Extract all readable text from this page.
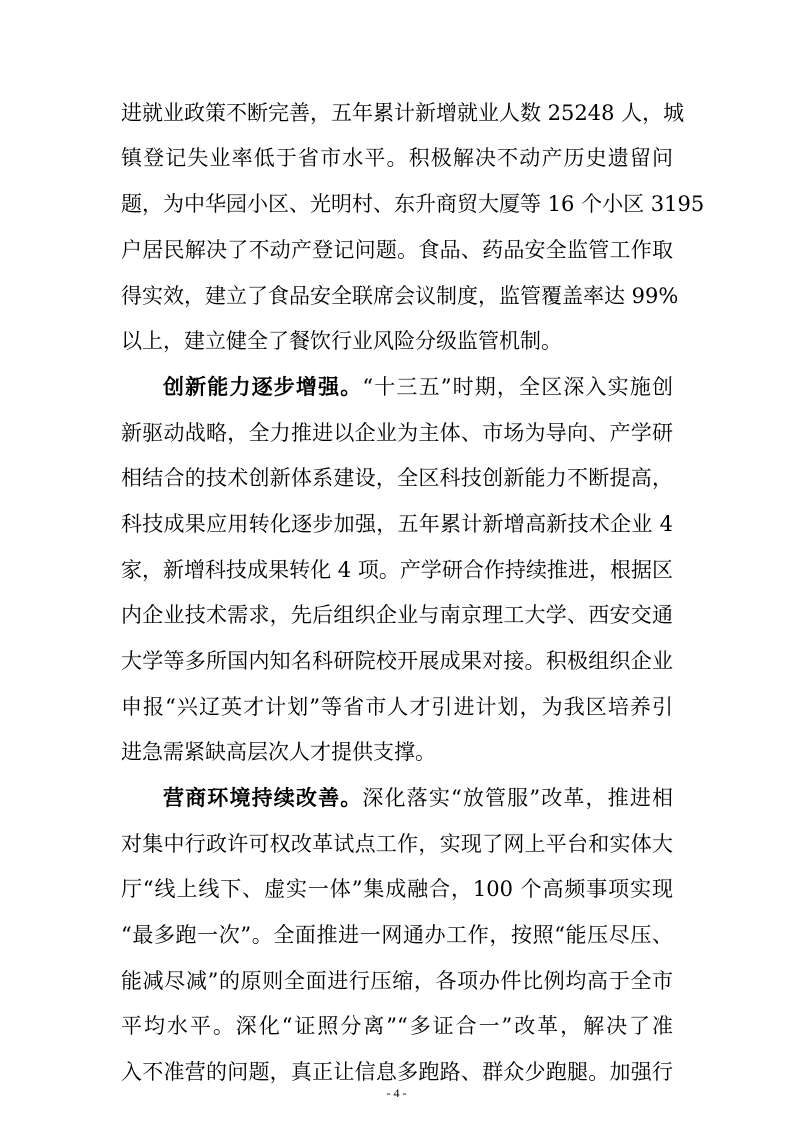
进就业政策不断完善，五年累计新增就业人数 25248 人，城
镇登记失业率低于省市水平。积极解决不动产历史遗留问
题，为中华园小区、光明村、东升商贸大厦等 16 个小区 3195
户居民解决了不动产登记问题。食品、药品安全监管工作取
得实效，建立了食品安全联席会议制度，监管覆盖率达 99%
以上，建立健全了餐饮行业风险分级监管机制。
创新能力逐步增强。“十三五”时期，全区深入实施创
新驱动战略，全力推进以企业为主体、市场为导向、产学研
相结合的技术创新体系建设，全区科技创新能力不断提高，
科技成果应用转化逐步加强，五年累计新增高新技术企业 4
家，新增科技成果转化 4 项。产学研合作持续推进，根据区
内企业技术需求，先后组织企业与南京理工大学、西安交通
大学等多所国内知名科研院校开展成果对接。积极组织企业
申报“兴辽英才计划”等省市人才引进计划，为我区培养引
进急需紧缺高层次人才提供支撑。
营商环境持续改善。深化落实“放管服”改革，推进相
对集中行政许可权改革试点工作，实现了网上平台和实体大
厅“线上线下、虚实一体”集成融合，100 个高频事项实现
“最多跑一次”。全面推进一网通办工作，按照“能压尽压、
能减尽减”的原则全面进行压缩，各项办件比例均高于全市
平均水平。深化“证照分离”“多证合一”改革，解决了准
入不准营的问题，真正让信息多跑路、群众少跑腿。加强行
- 4 -
